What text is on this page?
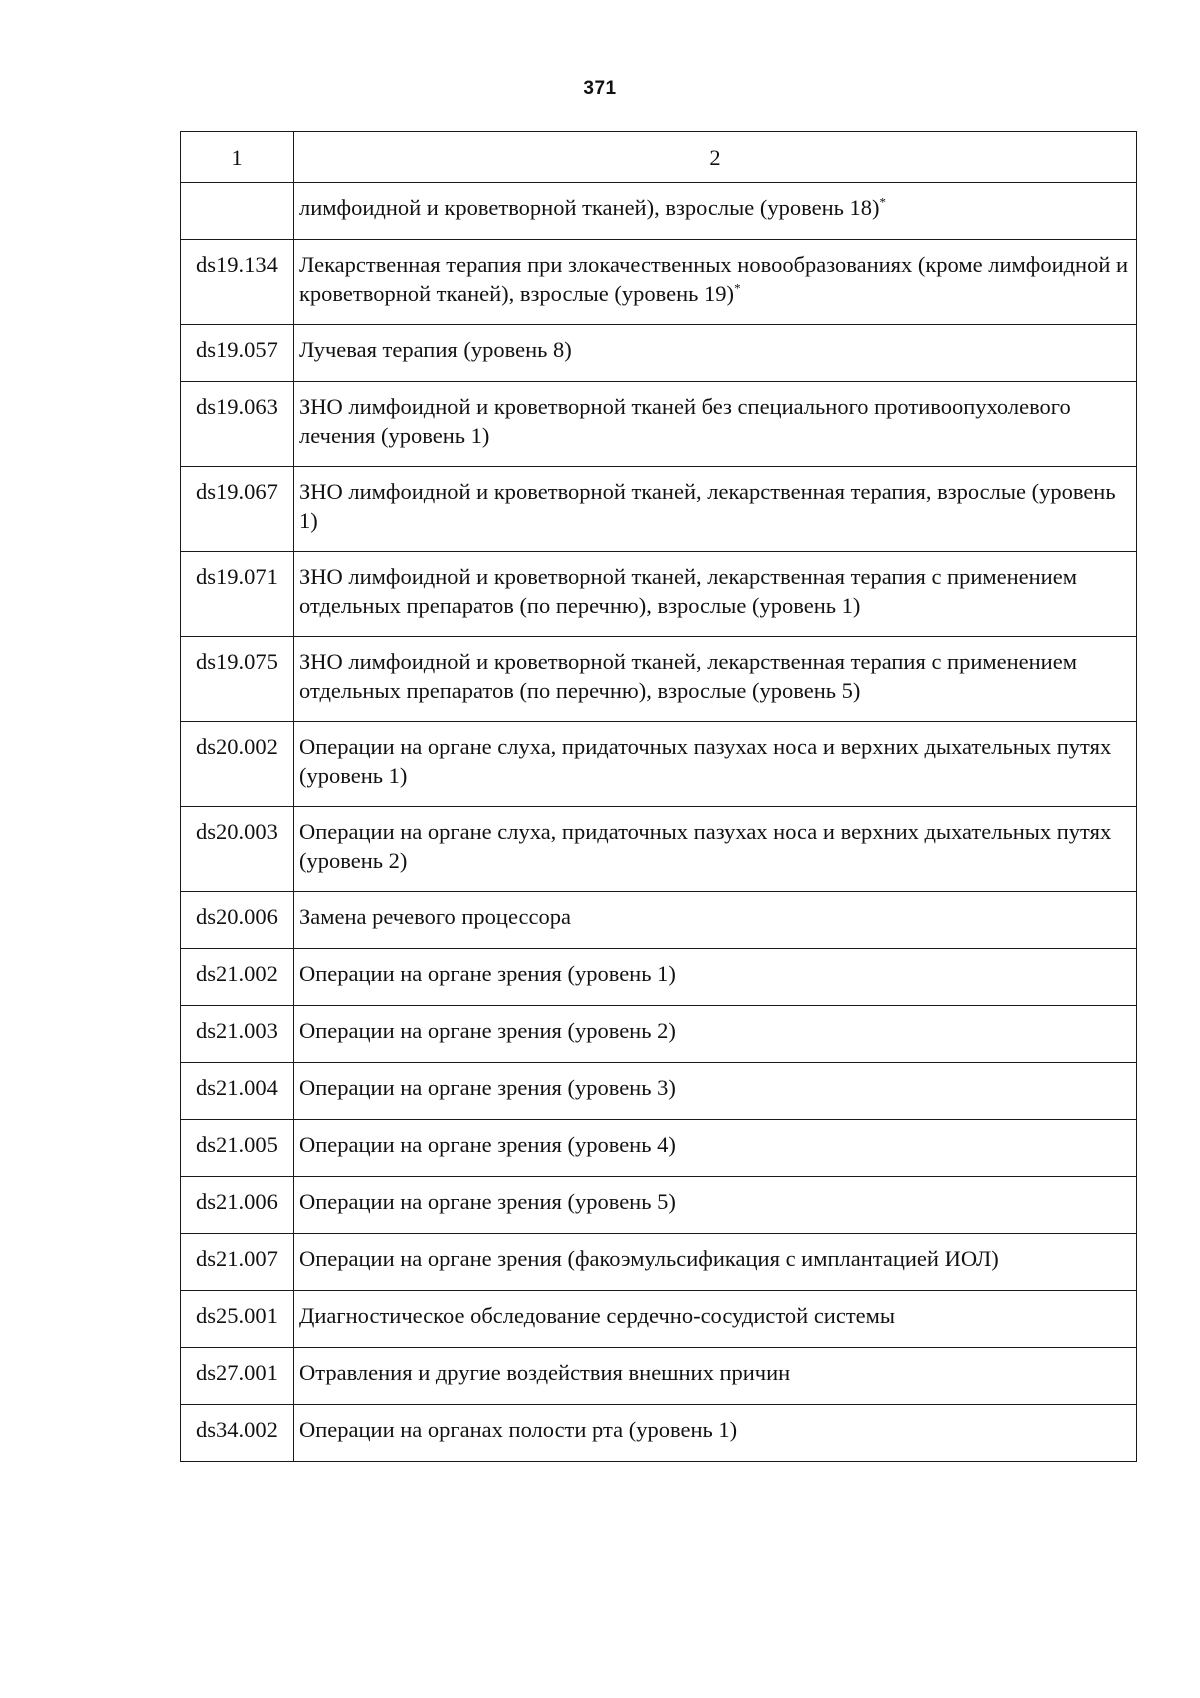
371
1	2
	лимфоидной и кроветворной тканей), взрослые (уровень 18)*
ds19.134	Лекарственная терапия при злокачественных новообразованиях (кроме лимфоидной и кроветворной тканей), взрослые (уровень 19)*
ds19.057	Лучевая терапия (уровень 8)
ds19.063	ЗНО лимфоидной и кроветворной тканей без специального противоопухолевого лечения (уровень 1)
ds19.067	ЗНО лимфоидной и кроветворной тканей, лекарственная терапия, взрослые (уровень 1)
ds19.071	ЗНО лимфоидной и кроветворной тканей, лекарственная терапия с применением отдельных препаратов (по перечню), взрослые (уровень 1)
ds19.075	ЗНО лимфоидной и кроветворной тканей, лекарственная терапия с применением отдельных препаратов (по перечню), взрослые (уровень 5)
ds20.002	Операции на органе слуха, придаточных пазухах носа и верхних дыхательных путях (уровень 1)
ds20.003	Операции на органе слуха, придаточных пазухах носа и верхних дыхательных путях (уровень 2)
ds20.006	Замена речевого процессора
ds21.002	Операции на органе зрения (уровень 1)
ds21.003	Операции на органе зрения (уровень 2)
ds21.004	Операции на органе зрения (уровень 3)
ds21.005	Операции на органе зрения (уровень 4)
ds21.006	Операции на органе зрения (уровень 5)
ds21.007	Операции на органе зрения (факоэмульсификация с имплантацией ИОЛ)
ds25.001	Диагностическое обследование сердечно-сосудистой системы
ds27.001	Отравления и другие воздействия внешних причин
ds34.002	Операции на органах полости рта (уровень 1)
